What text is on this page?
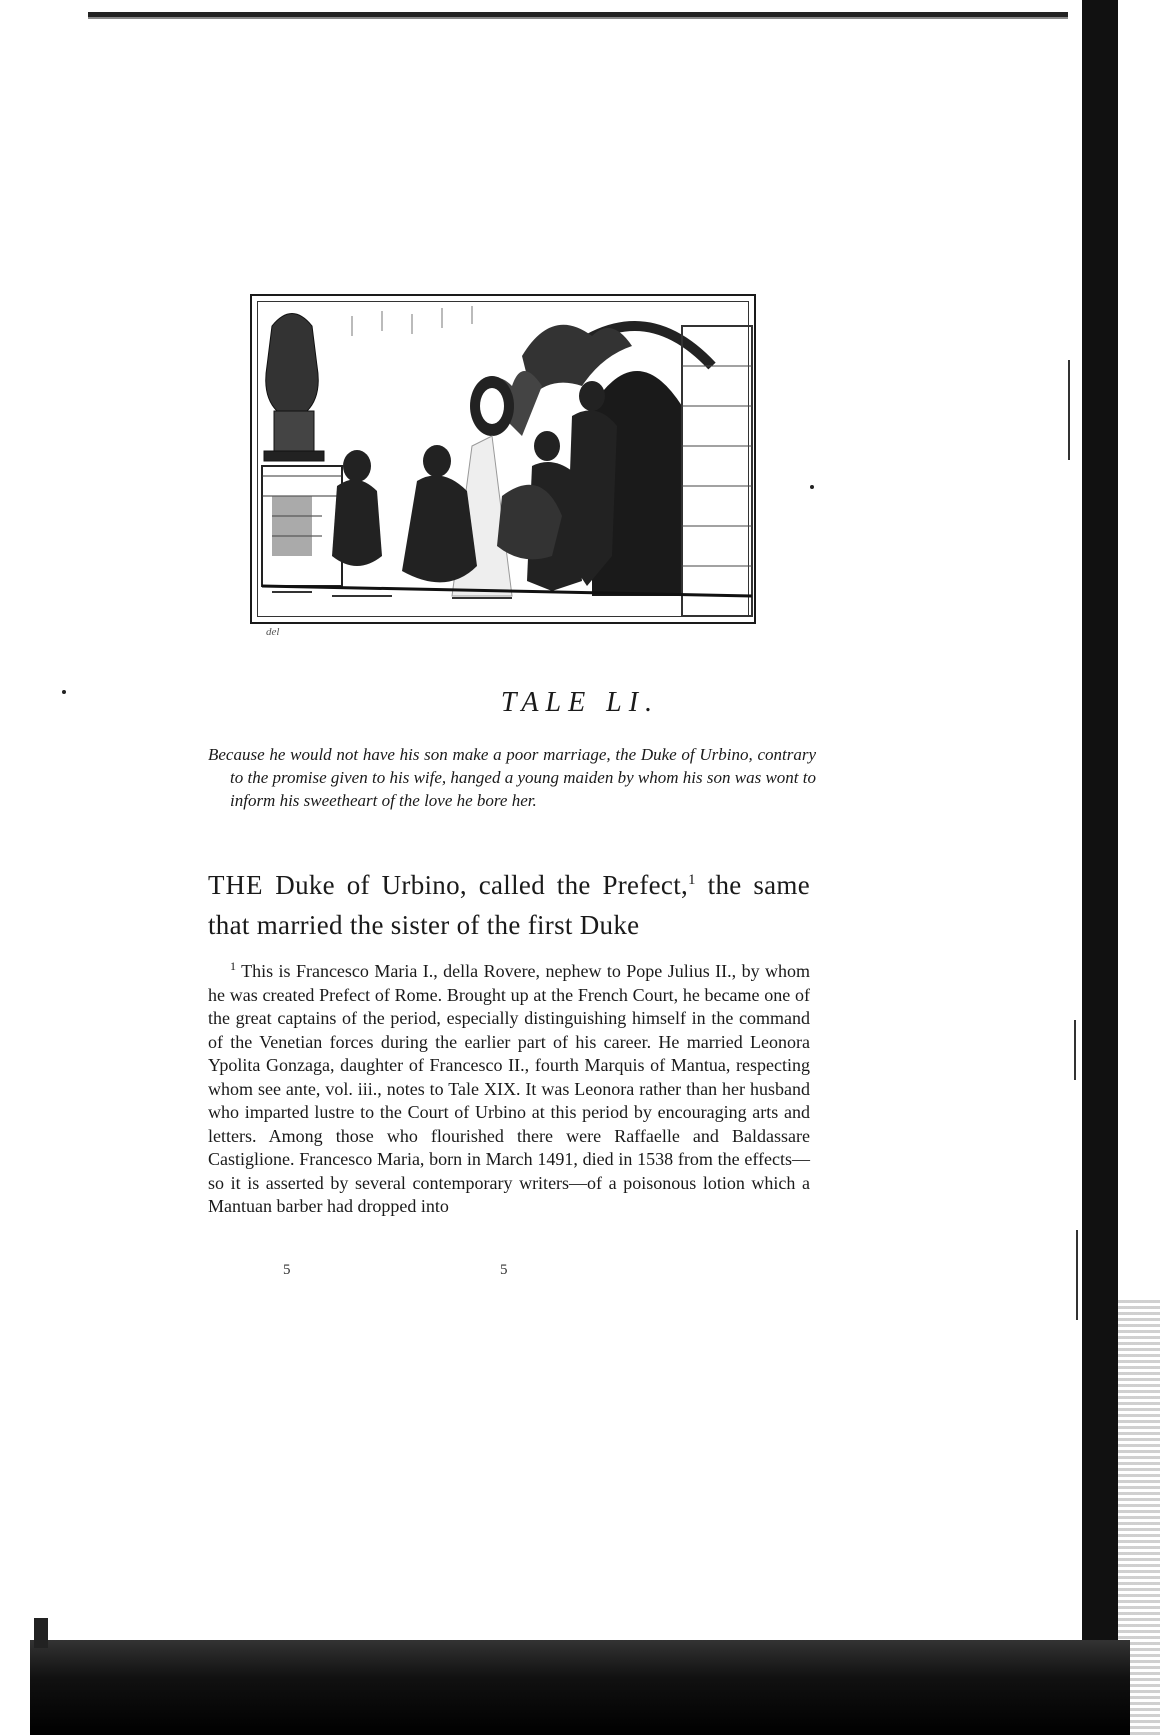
del
TALE LI.

Because he would not have his son make a poor marriage, the Duke of Urbino, contrary to the promise given to his wife, hanged a young maiden by whom his son was wont to inform his sweetheart of the love he bore her.

THE Duke of Urbino, called the Prefect,$^1$ the same that married the sister of the first Duke

$^1$ This is Francesco Maria I., della Rovere, nephew to Pope Julius II., by whom he was created Prefect of Rome. Brought up at the French Court, he became one of the great captains of the period, especially distinguishing himself in the command of the Venetian forces during the earlier part of his career. He married Leonora Ypolita Gonzaga, daughter of Francesco II., fourth Marquis of Mantua, respecting whom see ante, vol. iii., notes to Tale XIX. It was Leonora rather than her husband who imparted lustre to the Court of Urbino at this period by encouraging arts and letters. Among those who flourished there were Raffaelle and Baldassare Castiglione. Francesco Maria, born in March 1491, died in 1538 from the effects—so it is asserted by several contemporary writers—of a poisonous lotion which a Mantuan barber had dropped into

5	5
